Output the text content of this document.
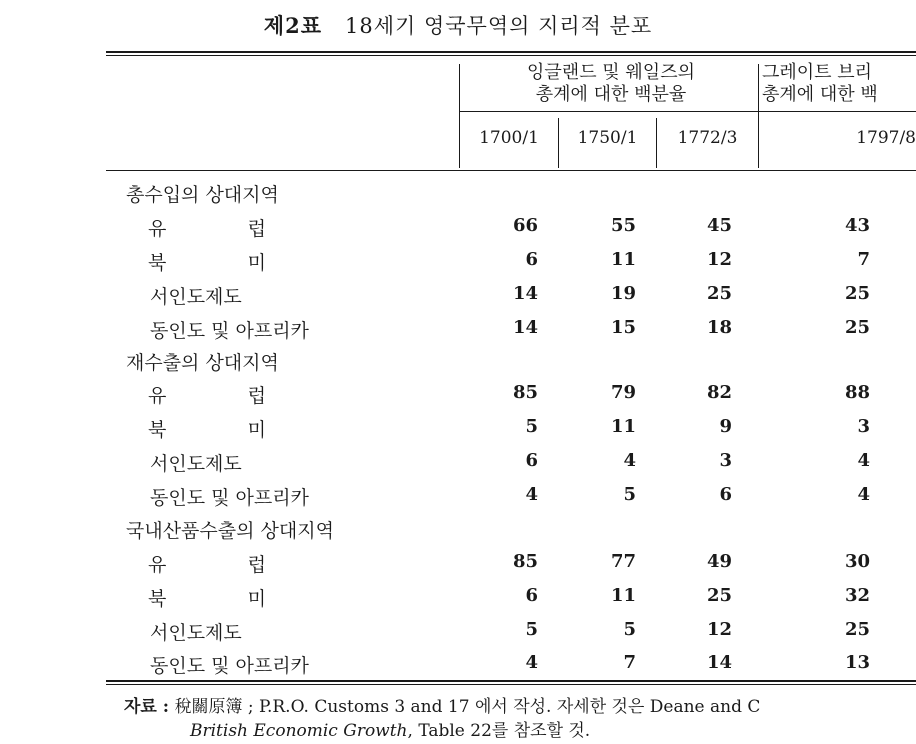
제2표 18세기 영국무역의 지리적 분포
잉글랜드 및 웨일즈의
총계에 대한 백분율
그레이트 브리
총계에 대한 백
1700/1	1750/1	1772/3	1797/8
총수입의 상대지역
유	럽	66	55	45	43
북	미	6	11	12	7
서인도제도	14	19	25	25
동인도 및 아프리카	14	15	18	25
재수출의 상대지역
유	럽	85	79	82	88
북	미	5	11	9	3
서인도제도	6	4	3	4
동인도 및 아프리카	4	5	6	4
국내산품수출의 상대지역
유	럽	85	77	49	30
북	미	6	11	25	32
서인도제도	5	5	12	25
동인도 및 아프리카	4	7	14	13
자료 : 稅關原簿 ; P.R.O. Customs 3 and 17 에서 작성. 자세한 것은 Deane and C
British Economic Growth, Table 22를 참조할 것.
